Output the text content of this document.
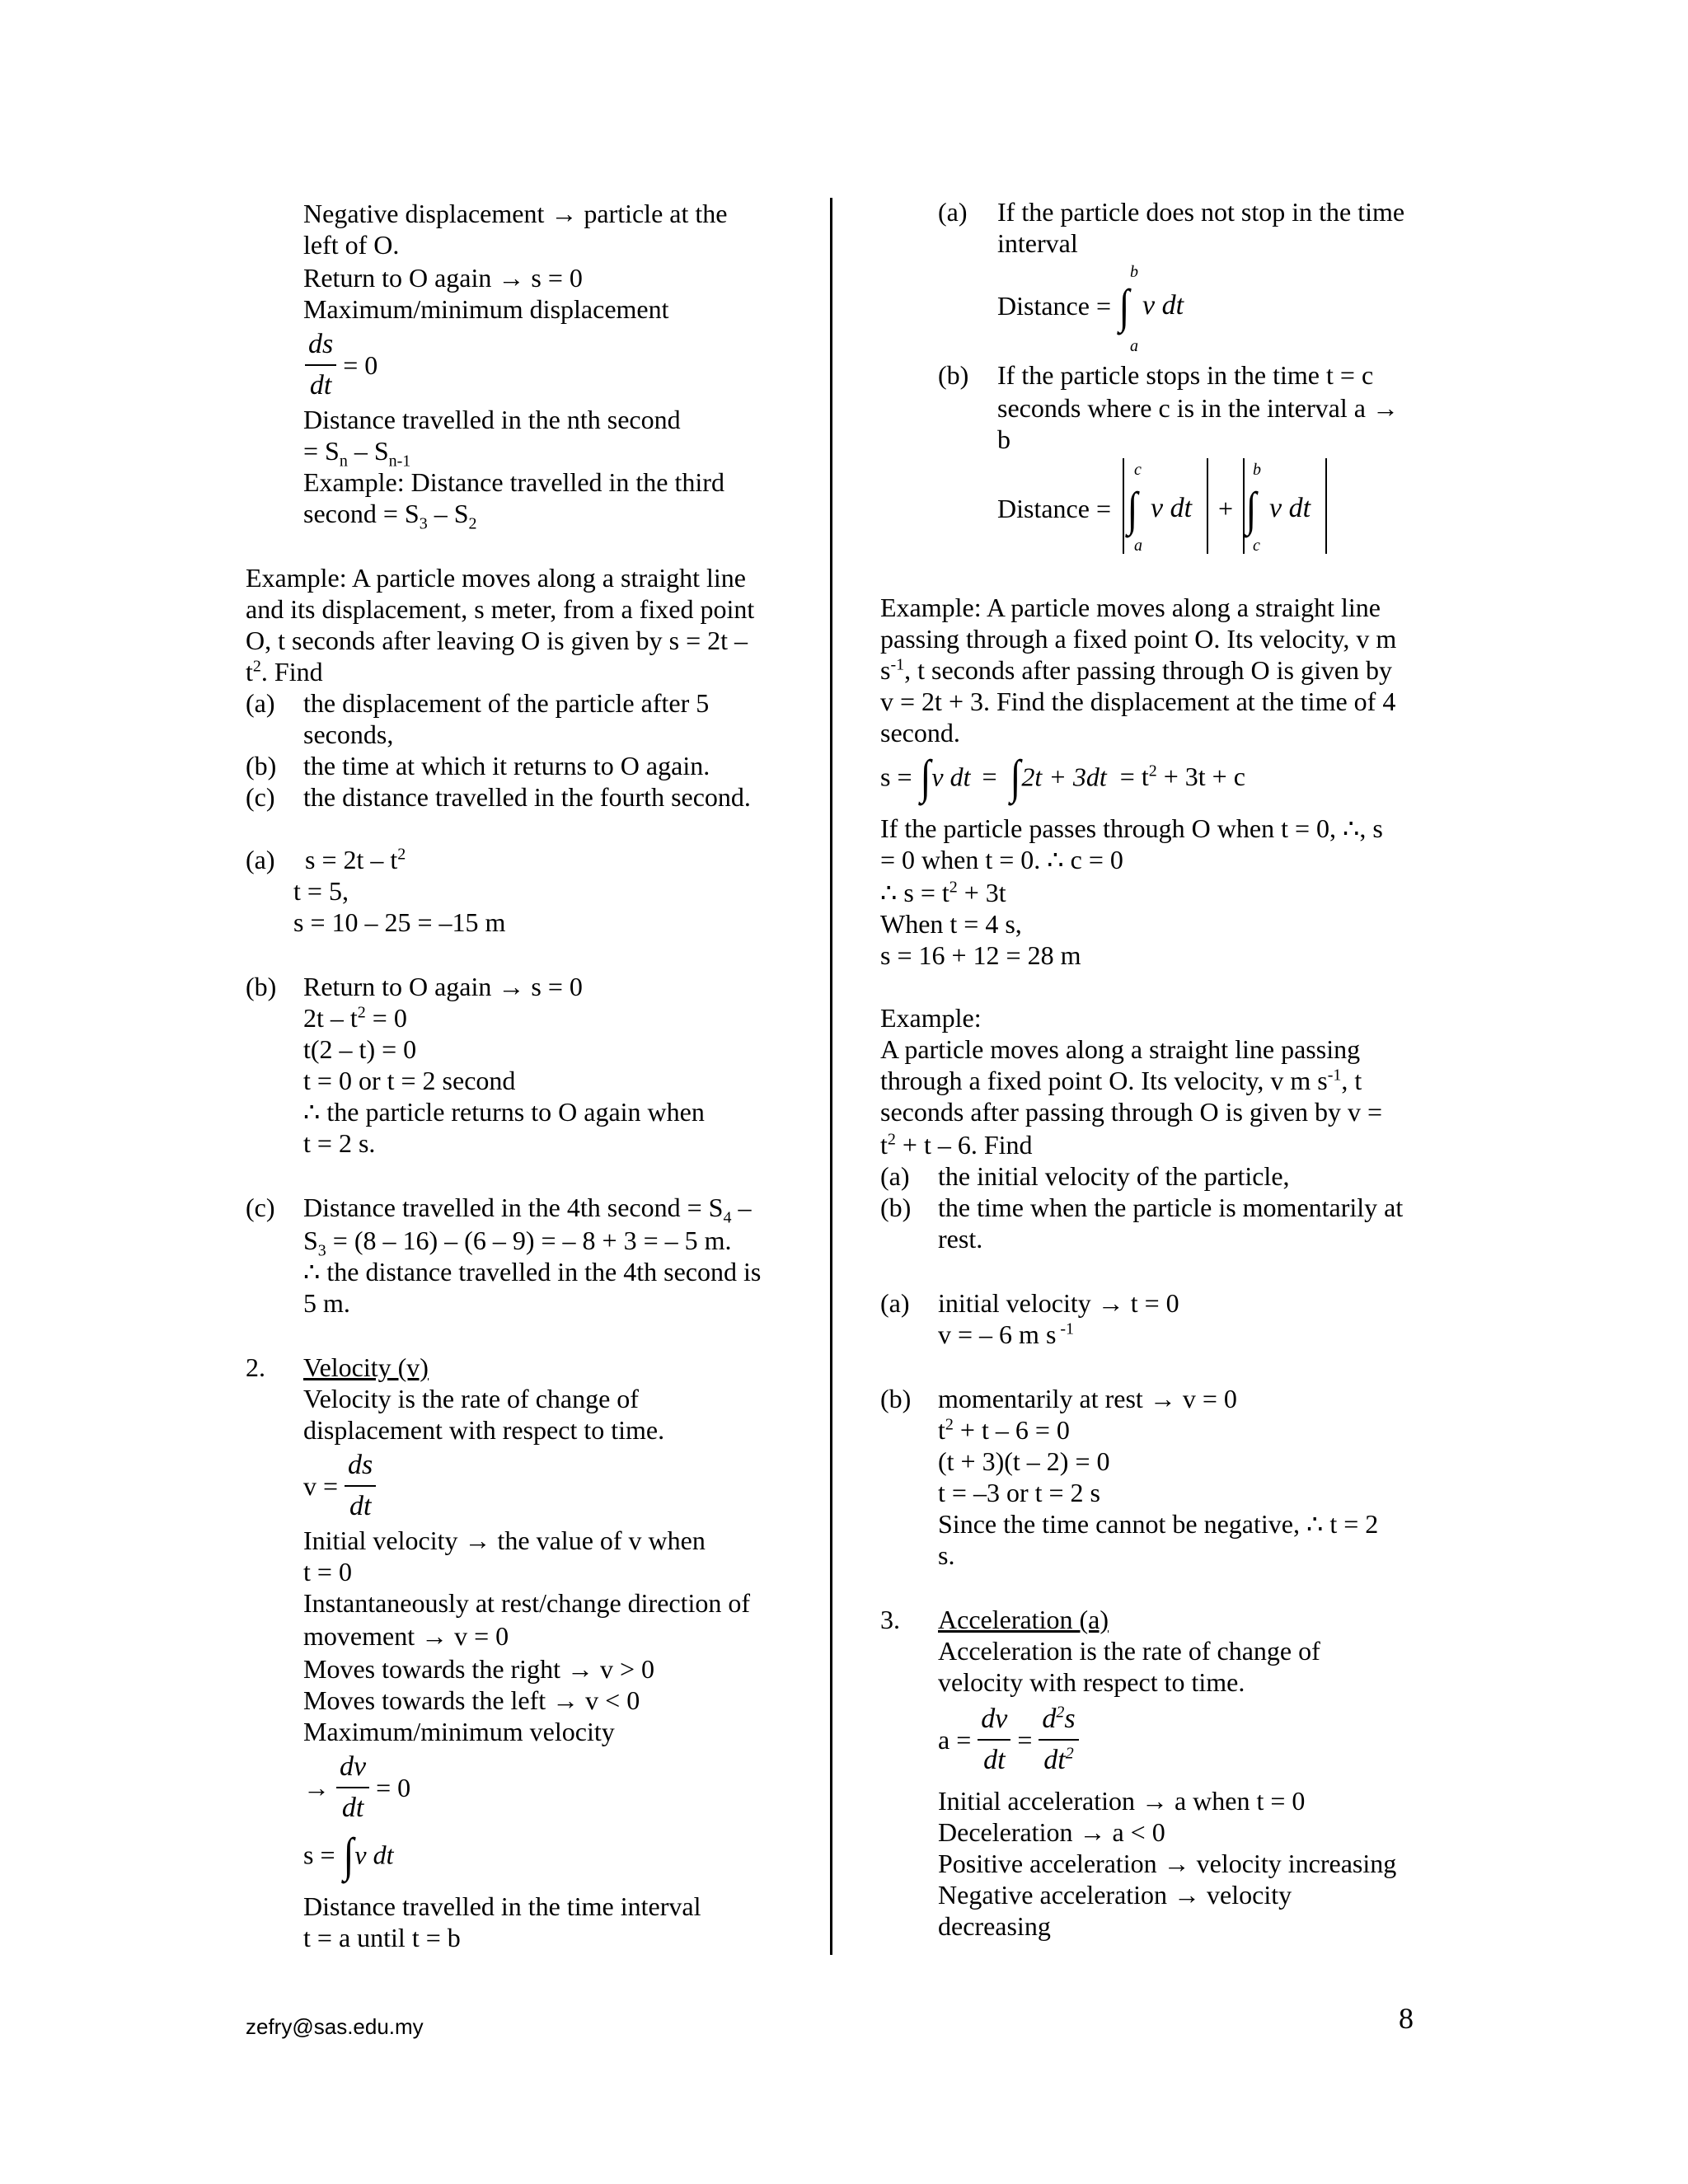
Negative displacement → particle at the
left of O.
Return to O again → s = 0
Maximum/minimum displacement
$\frac{ds}{dt} = 0$
Distance travelled in the nth second
= $S_n - S_{n-1}$
Example: Distance travelled in the third
second = $S_3 - S_2$
Example: A particle moves along a straight line
and its displacement, s meter, from a fixed point
O, t seconds after leaving O is given by s = 2t –
$t^2$. Find
(a) the displacement of the particle after 5
seconds,
(b) the time at which it returns to O again.
(c) the distance travelled in the fourth second.
(a) $s = 2t - t^2$
t = 5,
s = 10 – 25 = –15 m
(b) Return to O again → s = 0
$2t - t^2 = 0$
t(2 – t) = 0
t = 0 or t = 2 second
∴ the particle returns to O again when
t = 2 s.
(c) Distance travelled in the 4th second = $S_4$ –
$S_3 = (8 - 16) - (6 - 9)$ = – 8 + 3 = – 5 m.
∴ the distance travelled in the 4th second is
5 m.
2. Velocity (v)
Velocity is the rate of change of
displacement with respect to time.
$v = \frac{ds}{dt}$
Initial velocity → the value of v when
t = 0
Instantaneously at rest/change direction of
movement → v = 0
Moves towards the right → v > 0
Moves towards the left → v < 0
Maximum/minimum velocity
→ $\frac{dv}{dt} = 0$
s = ∫v dt
Distance travelled in the time interval
t = a until t = b
(a) If the particle does not stop in the time
interval
Distance =
b
∫ v dt
a
(b) If the particle stops in the time t = c
seconds where c is in the interval a →
b
Distance =
c
∫ v dt
a
+
b
∫ v dt
c
Example: A particle moves along a straight line
passing through a fixed point O. Its velocity, v m
$s^{-1}$, t seconds after passing through O is given by
v = 2t + 3. Find the displacement at the time of 4
second.
s = ∫v dt = $\int 2t + 3dt = t^2 + 3t + c$
If the particle passes through O when t = 0, ∴, s
= 0 when t = 0. ∴ c = 0
∴ $s = t^2 + 3t$
When t = 4 s,
s = 16 + 12 = 28 m
Example:
A particle moves along a straight line passing
through a fixed point O. Its velocity, v m $s^{-1}$, t
seconds after passing through O is given by v =
$t^2 + t - 6$. Find
(a) the initial velocity of the particle,
(b) the time when the particle is momentarily at
rest.
(a) initial velocity → t = 0
v = – 6 m s $^{-1}$
(b) momentarily at rest → v = 0
$t^2 + t - 6 = 0$
(t + 3)(t – 2) = 0
t = –3 or t = 2 s
Since the time cannot be negative, ∴ t = 2
s.
3. Acceleration (a)
Acceleration is the rate of change of
velocity with respect to time.
$a = \frac{dv}{dt} = \frac{d^2s}{dt^2}$
Initial acceleration → a when t = 0
Deceleration → a < 0
Positive acceleration → velocity increasing
Negative acceleration → velocity
decreasing
zefry@sas.edu.my	8
